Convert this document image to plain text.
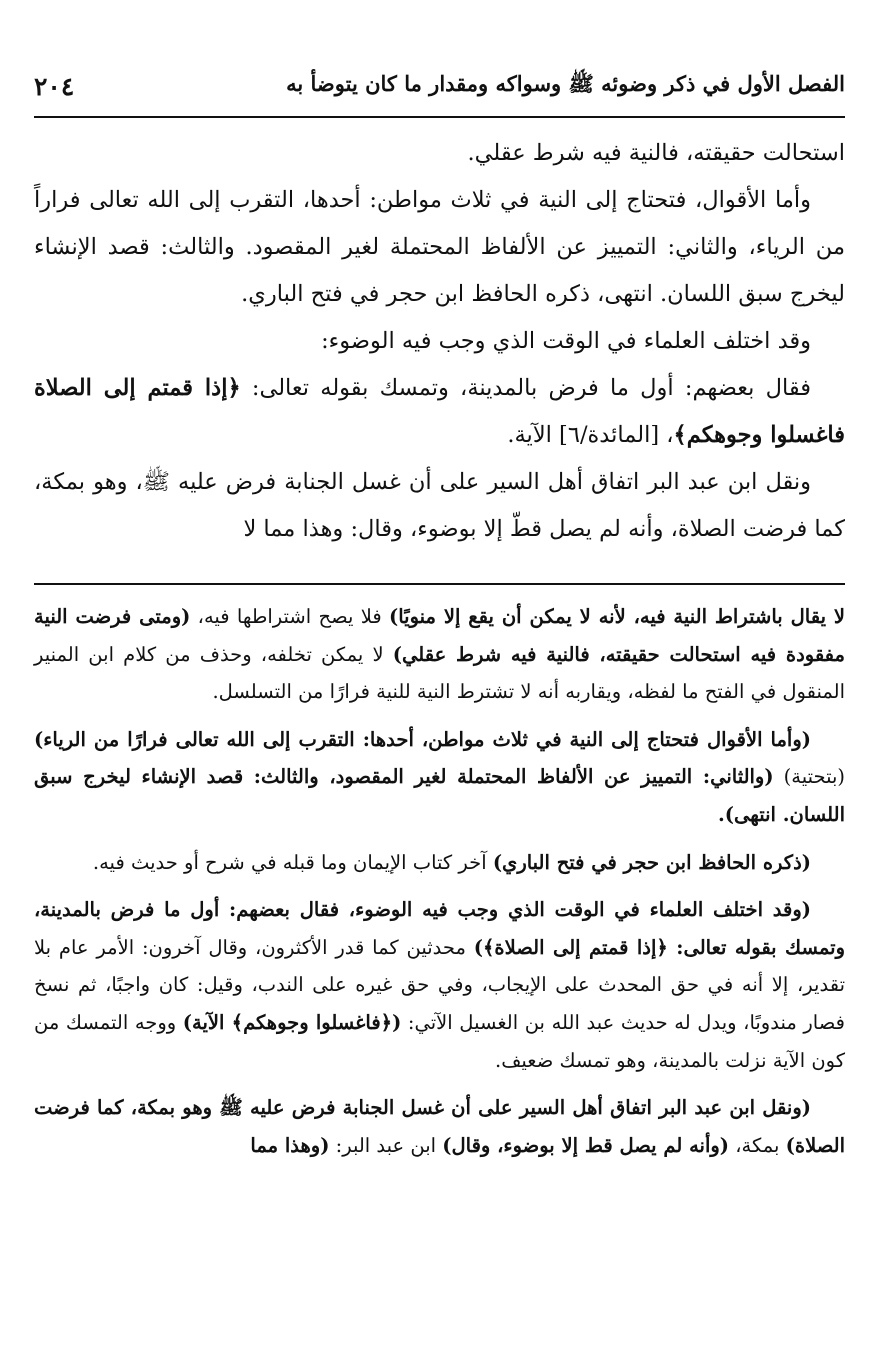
الفصل الأول في ذكر وضوئه ﷺ وسواكه ومقدار ما كان يتوضأ به
٢٠٤

استحالت حقيقته، فالنية فيه شرط عقلي.

وأما الأقوال، فتحتاج إلى النية في ثلاث مواطن: أحدها، التقرب إلى الله تعالى فراراً من الرياء، والثاني: التمييز عن الألفاظ المحتملة لغير المقصود. والثالث: قصد الإنشاء ليخرج سبق اللسان. انتهى، ذكره الحافظ ابن حجر في فتح الباري.

وقد اختلف العلماء في الوقت الذي وجب فيه الوضوء:

فقال بعضهم: أول ما فرض بالمدينة، وتمسك بقوله تعالى: ﴿إذا قمتم إلى الصلاة فاغسلوا وجوهكم﴾، [المائدة/٦] الآية.

ونقل ابن عبد البر اتفاق أهل السير على أن غسل الجنابة فرض عليه ﷺ، وهو بمكة، كما فرضت الصلاة، وأنه لم يصل قطّ إلا بوضوء، وقال: وهذا مما لا

لا يقال باشتراط النية فيه، لأنه لا يمكن أن يقع إلا منويًا) فلا يصح اشتراطها فيه، (ومتى فرضت النية مفقودة فيه استحالت حقيقته، فالنية فيه شرط عقلي) لا يمكن تخلفه، وحذف من كلام ابن المنير المنقول في الفتح ما لفظه، ويقاربه أنه لا تشترط النية للنية فرارًا من التسلسل.

(وأما الأقوال فتحتاج إلى النية في ثلاث مواطن، أحدها: التقرب إلى الله تعالى فرارًا من الرياء) (بتحتية) (والثاني: التمييز عن الألفاظ المحتملة لغير المقصود، والثالث: قصد الإنشاء ليخرج سبق اللسان. انتهى).

(ذكره الحافظ ابن حجر في فتح الباري) آخر كتاب الإيمان وما قبله في شرح أو حديث فيه.

(وقد اختلف العلماء في الوقت الذي وجب فيه الوضوء، فقال بعضهم: أول ما فرض بالمدينة، وتمسك بقوله تعالى: ﴿إذا قمتم إلى الصلاة﴾) محدثين كما قدر الأكثرون، وقال آخرون: الأمر عام بلا تقدير، إلا أنه في حق المحدث على الإيجاب، وفي حق غيره على الندب، وقيل: كان واجبًا، ثم نسخ فصار مندوبًا، ويدل له حديث عبد الله بن الغسيل الآتي: (﴿فاغسلوا وجوهكم﴾ الآية) ووجه التمسك من كون الآية نزلت بالمدينة، وهو تمسك ضعيف.

(ونقل ابن عبد البر اتفاق أهل السير على أن غسل الجنابة فرض عليه ﷺ وهو بمكة، كما فرضت الصلاة) بمكة، (وأنه لم يصل قط إلا بوضوء، وقال) ابن عبد البر: (وهذا مما
